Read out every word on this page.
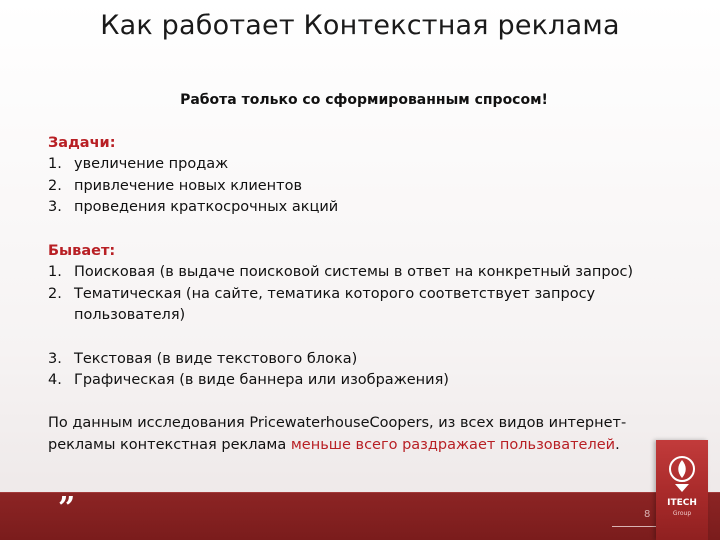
Как работает Контекстная реклама
Работа только со сформированным спросом!
Задачи:
1. увеличение продаж
2. привлечение новых клиентов
3. проведения краткосрочных акций
Бывает:
1. Поисковая (в выдаче поисковой системы в ответ на конкретный запрос)
2. Тематическая (на сайте, тематика которого соответствует запросу пользователя)
3. Текстовая (в виде текстового блока)
4. Графическая (в виде баннера или изображения)
По данным исследования PricewaterhouseCoopers, из всех видов интернет-рекламы контекстная реклама меньше всего раздражает пользователей.
”	8
ITECH
Group
